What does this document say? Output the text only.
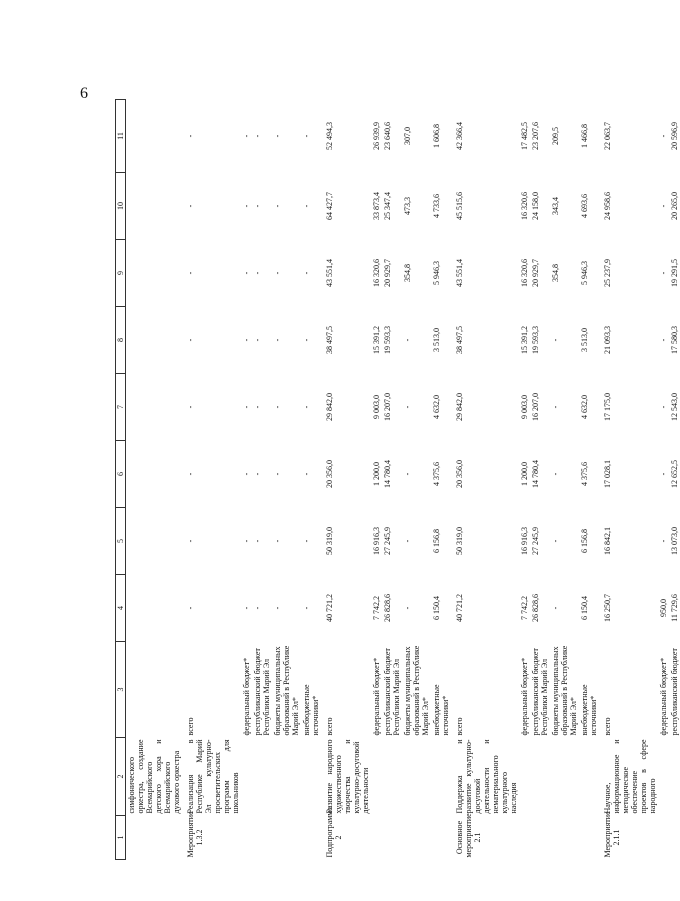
6
1	2	3	4	5	6	7	8	9	10	11
	симфонического оркестра, создание Всемарийского детского хора и Всемарийского духового оркестра									
Мероприятие 1.3.2	Реализация в Республике Марий Эл культурно-просветительских программ для школьников	всего	-	-	-	-	-	-	-	-
		федеральный бюджет*	-	-	-	-	-	-	-	-
		республиканский бюджет Республики Марий Эл	-	-	-	-	-	-	-	-
		бюджеты муниципальных образований в Республике Марий Эл*	-	-	-	-	-	-	-	-
		внебюджетные источники*	-	-	-	-	-	-	-	-
Подпрограмма 2	Развитие народного художественного творчества и культурно-досуговой деятельности	всего	40 721,2	50 319,0	20 356,0	29 842,0	38 497,5	43 551,4	64 427,7	52 494,3
		федеральный бюджет*	7 742,2	16 916,3	1 200,0	9 003,0	15 391,2	16 320,6	33 873,4	26 939,9
		республиканский бюджет Республики Марий Эл	26 828,6	27 245,9	14 780,4	16 207,0	19 593,3	20 929,7	25 347,4	23 640,6
		бюджеты муниципальных образований в Республике Марий Эл*	-	-	-	-	-	354,8	473,3	307,0
		внебюджетные источники*	6 150,4	6 156,8	4 375,6	4 632,0	3 513,0	5 946,3	4 733,6	1 606,8
Основное мероприятие 2.1	Поддержка и развитие культурно-досуговой деятельности и нематериального культурного наследия	всего	40 721,2	50 319,0	20 356,0	29 842,0	38 497,5	43 551,4	45 515,6	42 366,4
		федеральный бюджет*	7 742,2	16 916,3	1 200,0	9 003,0	15 391,2	16 320,6	16 320,6	17 482,5
		республиканский бюджет Республики Марий Эл	26 828,6	27 245,9	14 780,4	16 207,0	19 593,3	20 929,7	24 158,0	23 207,6
		бюджеты муниципальных образований в Республике Марий Эл*	-	-	-	-	-	354,8	343,4	209,5
		внебюджетные источники*	6 150,4	6 156,8	4 375,6	4 632,0	3 513,0	5 946,3	4 693,6	1 466,8
Мероприятие 2.1.1	Научное, информационное и методическое обеспечение проектов в сфере народного	всего	16 250,7	16 842,1	17 028,1	17 175,0	21 093,3	25 237,9	24 958,6	22 063,7
		федеральный бюджет*	950,0	-	-	-	-	-	-	-
		республиканский бюджет	11 729,6	13 073,0	12 652,5	12 543,0	17 580,3	19 291,5	20 265,0	20 596,9
